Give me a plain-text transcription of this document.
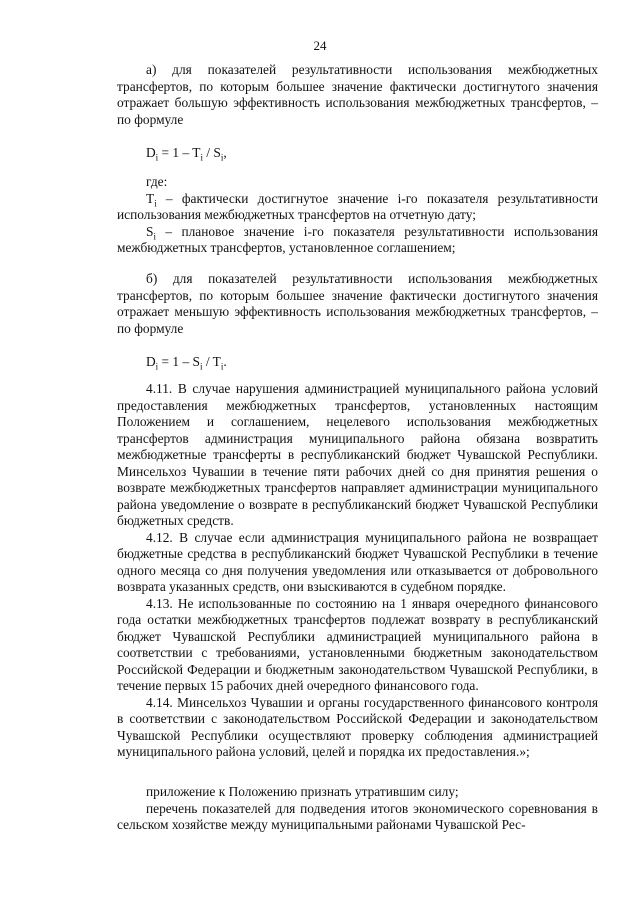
24

а) для показателей результативности использования межбюджетных трансфертов, по которым большее значение фактически достигнутого значения отражает большую эффективность использования межбюджетных трансфертов, – по формуле

$D_i = 1 - T_i / S_i$,

где:

$T_i$ – фактически достигнутое значение i-го показателя результативности использования межбюджетных трансфертов на отчетную дату;

$S_i$ – плановое значение i-го показателя результативности использования межбюджетных трансфертов, установленное соглашением;

б) для показателей результативности использования межбюджетных трансфертов, по которым большее значение фактически достигнутого значения отражает меньшую эффективность использования межбюджетных трансфертов, – по формуле

$D_i = 1 - S_i / T_i$.

4.11. В случае нарушения администрацией муниципального района условий предоставления межбюджетных трансфертов, установленных настоящим Положением и соглашением, нецелевого использования межбюджетных трансфертов администрация муниципального района обязана возвратить межбюджетные трансферты в республиканский бюджет Чувашской Республики. Минсельхоз Чувашии в течение пяти рабочих дней со дня принятия решения о возврате межбюджетных трансфертов направляет администрации муниципального района уведомление о возврате в республиканский бюджет Чувашской Республики бюджетных средств.

4.12. В случае если администрация муниципального района не возвращает бюджетные средства в республиканский бюджет Чувашской Республики в течение одного месяца со дня получения уведомления или отказывается от добровольного возврата указанных средств, они взыскиваются в судебном порядке.

4.13. Не использованные по состоянию на 1 января очередного финансового года остатки межбюджетных трансфертов подлежат возврату в республиканский бюджет Чувашской Республики администрацией муниципального района в соответствии с требованиями, установленными бюджетным законодательством Российской Федерации и бюджетным законодательством Чувашской Республики, в течение первых 15 рабочих дней очередного финансового года.

4.14. Минсельхоз Чувашии и органы государственного финансового контроля в соответствии с законодательством Российской Федерации и законодательством Чувашской Республики осуществляют проверку соблюдения администрацией муниципального района условий, целей и порядка их предоставления.»;

приложение к Положению признать утратившим силу;

перечень показателей для подведения итогов экономического соревнования в сельском хозяйстве между муниципальными районами Чувашской Рес-
